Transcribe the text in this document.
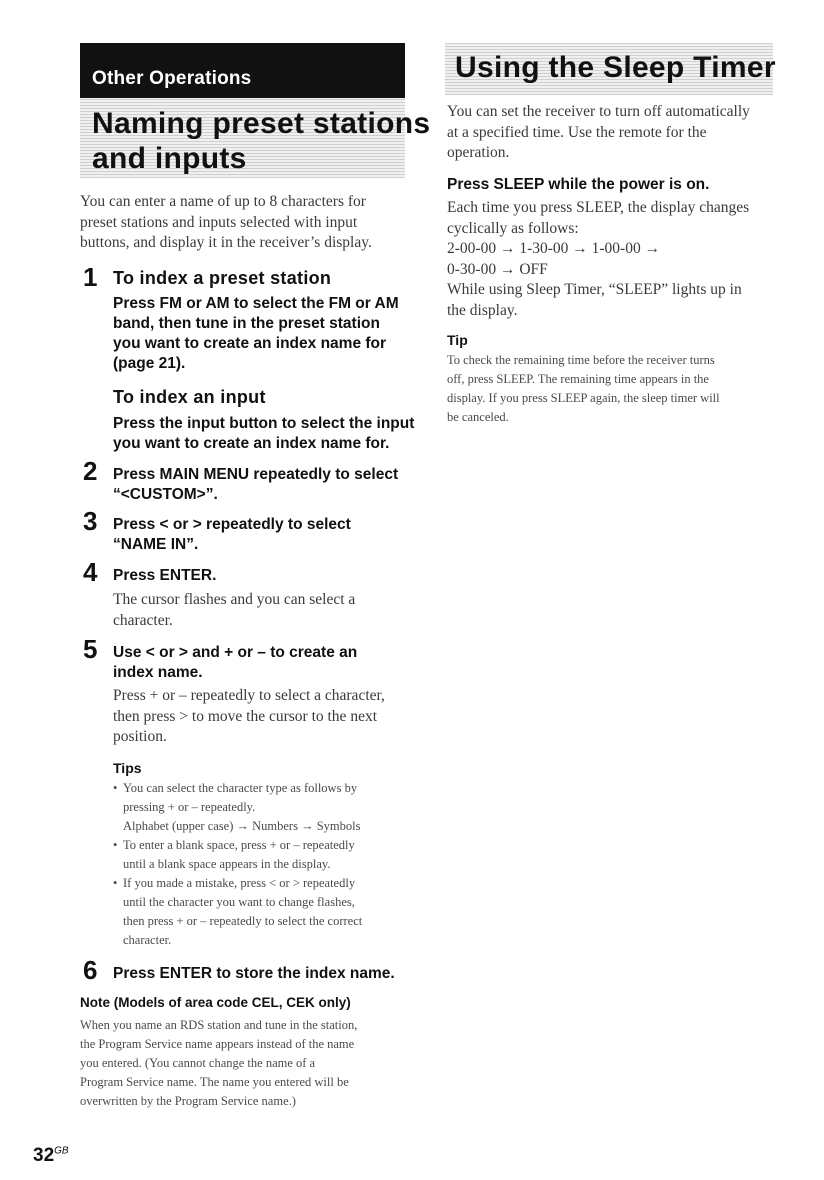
Other Operations
Naming preset stations
and inputs
You can enter a name of up to 8 characters for
preset stations and inputs selected with input
buttons, and display it in the receiver’s display.
1 To index a preset station
Press FM or AM to select the FM or AM
band, then tune in the preset station
you want to create an index name for
(page 21).
To index an input
Press the input button to select the input
you want to create an index name for.
2 Press MAIN MENU repeatedly to select
“<CUSTOM>”.
3 Press < or > repeatedly to select
“NAME IN”.
4 Press ENTER.
The cursor flashes and you can select a
character.
5 Use < or > and + or – to create an
index name.
Press + or – repeatedly to select a character,
then press > to move the cursor to the next
position.
Tips
• You can select the character type as follows by
pressing + or – repeatedly.
Alphabet (upper case) → Numbers → Symbols
• To enter a blank space, press + or – repeatedly
until a blank space appears in the display.
• If you made a mistake, press < or > repeatedly
until the character you want to change flashes,
then press + or – repeatedly to select the correct
character.
6 Press ENTER to store the index name.
Note (Models of area code CEL, CEK only)
When you name an RDS station and tune in the station,
the Program Service name appears instead of the name
you entered. (You cannot change the name of a
Program Service name. The name you entered will be
overwritten by the Program Service name.)
Using the Sleep Timer
You can set the receiver to turn off automatically
at a specified time. Use the remote for the
operation.
Press SLEEP while the power is on.
Each time you press SLEEP, the display changes
cyclically as follows:
2-00-00 → 1-30-00 → 1-00-00 →
0-30-00 → OFF
While using Sleep Timer, “SLEEP” lights up in
the display.
Tip
To check the remaining time before the receiver turns
off, press SLEEP. The remaining time appears in the
display. If you press SLEEP again, the sleep timer will
be canceled.
$32^{GB}$
